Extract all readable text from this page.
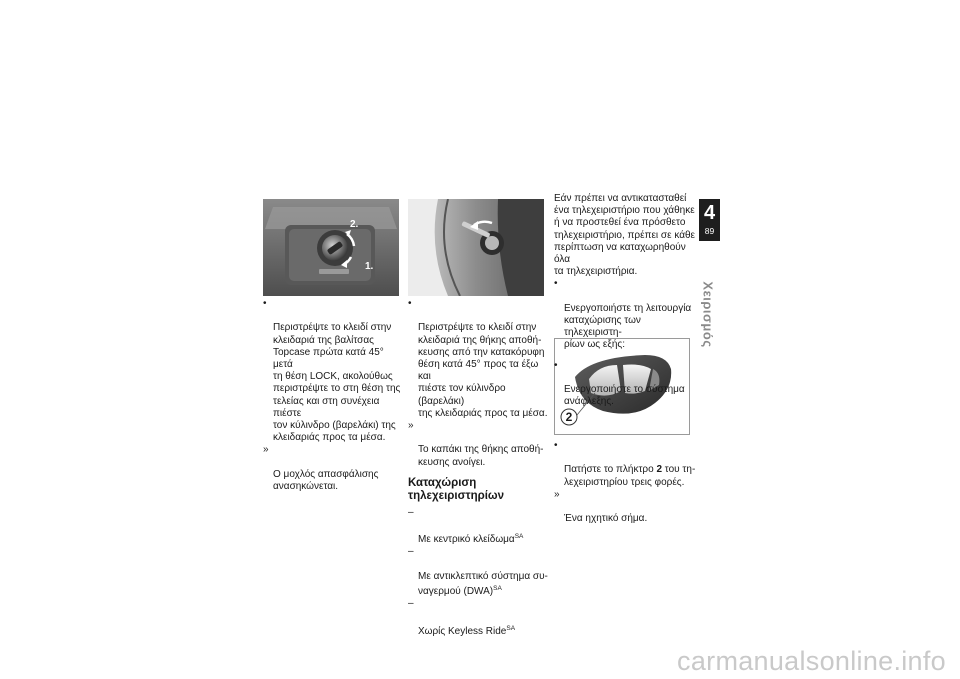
2.
1.
2

•

Περιστρέψτε το κλειδί στην
κλειδαριά της βαλίτσας
Topcase πρώτα κατά 45° μετά
τη θέση LOCK, ακολούθως
περιστρέψτε το στη θέση της
τελείας και στη συνέχεια πιέστε
τον κύλινδρο (βαρελάκι) της
κλειδαριάς προς τα μέσα.

»

Ο μοχλός απασφάλισης ανασηκώνεται.

•

Περιστρέψτε το κλειδί στην
κλειδαριά της θήκης αποθή-
κευσης από την κατακόρυφη
θέση κατά 45° προς τα έξω και
πιέστε τον κύλινδρο (βαρελάκι)
της κλειδαριάς προς τα μέσα.

»

Το καπάκι της θήκης αποθή-
κευσης ανοίγει.

Καταχώριση
τηλεχειριστηρίων

–

Με κεντρικό κλείδωμα$^{SA}$

–

Με αντικλεπτικό σύστημα συ-
ναγερμού (DWA)$^{SA}$

–

Χωρίς Keyless Ride$^{SA}$

Εάν πρέπει να αντικατασταθεί
ένα τηλεχειριστήριο που χάθηκε
ή να προστεθεί ένα πρόσθετο
τηλεχειριστήριο, πρέπει σε κάθε
περίπτωση να καταχωρηθούν όλα
τα τηλεχειριστήρια.

•

Ενεργοποιήστε τη λειτουργία
καταχώρισης των τηλεχειριστη-
ρίων ως εξής:

•

Ενεργοποιήστε το σύστημα
ανάφλεξης.

•

Πατήστε το πλήκτρο 2 του τη-
λεχειριστηρίου τρεις φορές.

»

Ένα ηχητικό σήμα.

4
89
Χειρισμός
carmanualsonline.info
